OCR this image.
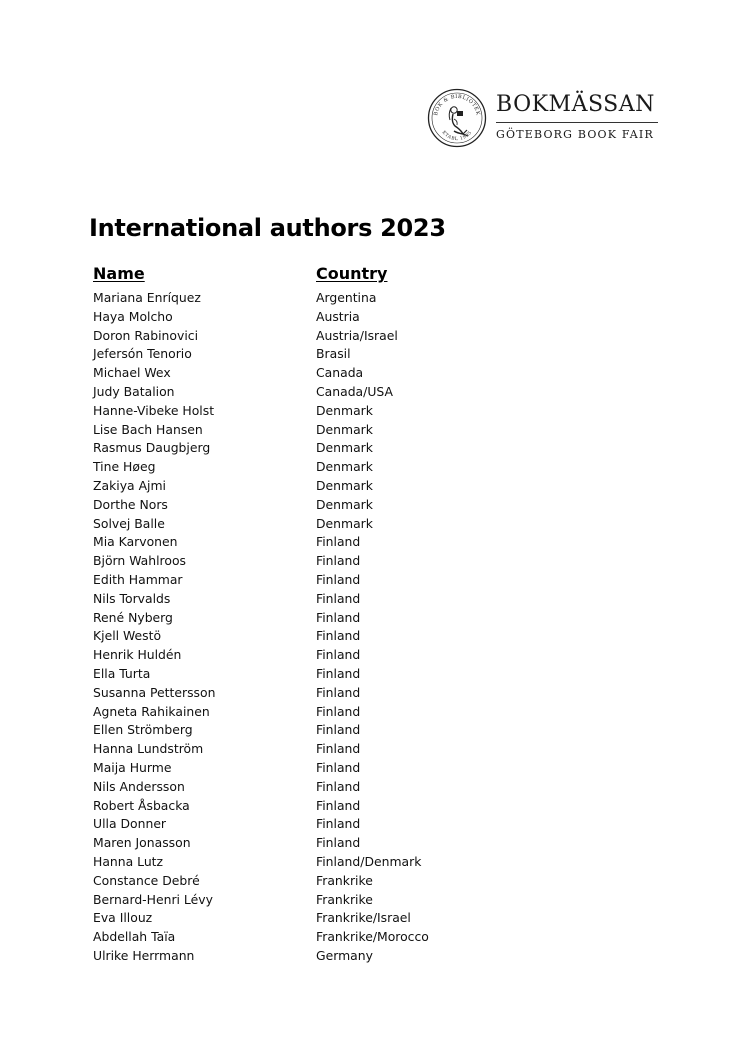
BOK & BIBLIOTEK
ETABL 1985
BOKMÄSSAN
GÖTEBORG BOOK FAIR
International authors 2023
Name	Country
Mariana Enríquez	Argentina
Haya Molcho	Austria
Doron Rabinovici	Austria/Israel
Jefersón Tenorio	Brasil
Michael Wex	Canada
Judy Batalion	Canada/USA
Hanne-Vibeke Holst	Denmark
Lise Bach Hansen	Denmark
Rasmus Daugbjerg	Denmark
Tine Høeg	Denmark
Zakiya Ajmi	Denmark
Dorthe Nors	Denmark
Solvej Balle	Denmark
Mia Karvonen	Finland
Björn Wahlroos	Finland
Edith Hammar	Finland
Nils Torvalds	Finland
René Nyberg	Finland
Kjell Westö	Finland
Henrik Huldén	Finland
Ella Turta	Finland
Susanna Pettersson	Finland
Agneta Rahikainen	Finland
Ellen Strömberg	Finland
Hanna Lundström	Finland
Maija Hurme	Finland
Nils Andersson	Finland
Robert Åsbacka	Finland
Ulla Donner	Finland
Maren Jonasson	Finland
Hanna Lutz	Finland/Denmark
Constance Debré	Frankrike
Bernard-Henri Lévy	Frankrike
Eva Illouz	Frankrike/Israel
Abdellah Taïa	Frankrike/Morocco
Ulrike Herrmann	Germany
